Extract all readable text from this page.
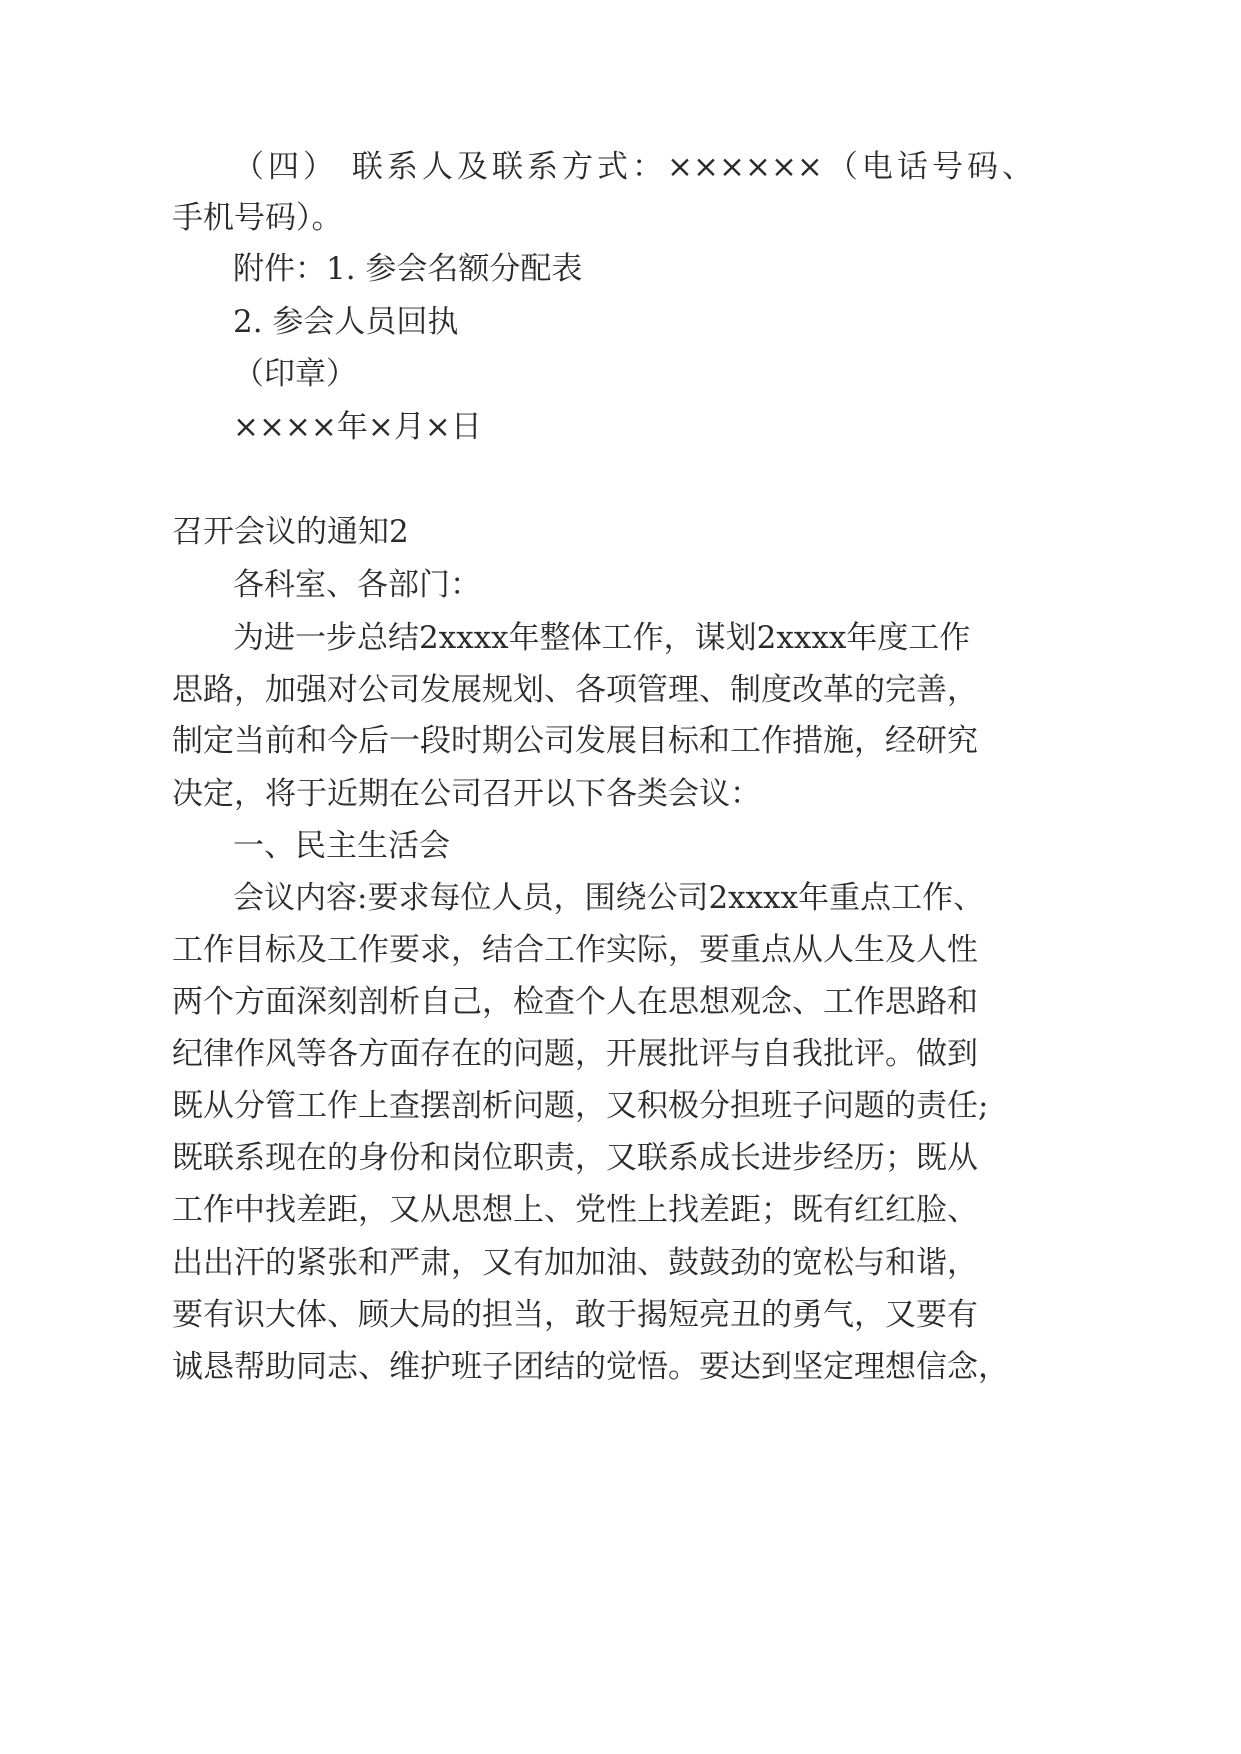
（四） 联系人及联系方式：××××××（电话号码、

手机号码）。

附件：1. 参会名额分配表

2. 参会人员回执

（印章）

××××年×月×日

召开会议的通知2

各科室、各部门：

为进一步总结2xxxx年整体工作，谋划2xxxx年度工作

思路，加强对公司发展规划、各项管理、制度改革的完善，

制定当前和今后一段时期公司发展目标和工作措施，经研究

决定，将于近期在公司召开以下各类会议：

一、民主生活会

会议内容:要求每位人员，围绕公司2xxxx年重点工作、

工作目标及工作要求，结合工作实际，要重点从人生及人性

两个方面深刻剖析自己，检查个人在思想观念、工作思路和

纪律作风等各方面存在的问题，开展批评与自我批评。做到

既从分管工作上查摆剖析问题，又积极分担班子问题的责任;

既联系现在的身份和岗位职责，又联系成长进步经历；既从

工作中找差距，又从思想上、党性上找差距；既有红红脸、

出出汗的紧张和严肃，又有加加油、鼓鼓劲的宽松与和谐，

要有识大体、顾大局的担当，敢于揭短亮丑的勇气，又要有

诚恳帮助同志、维护班子团结的觉悟。要达到坚定理想信念，
